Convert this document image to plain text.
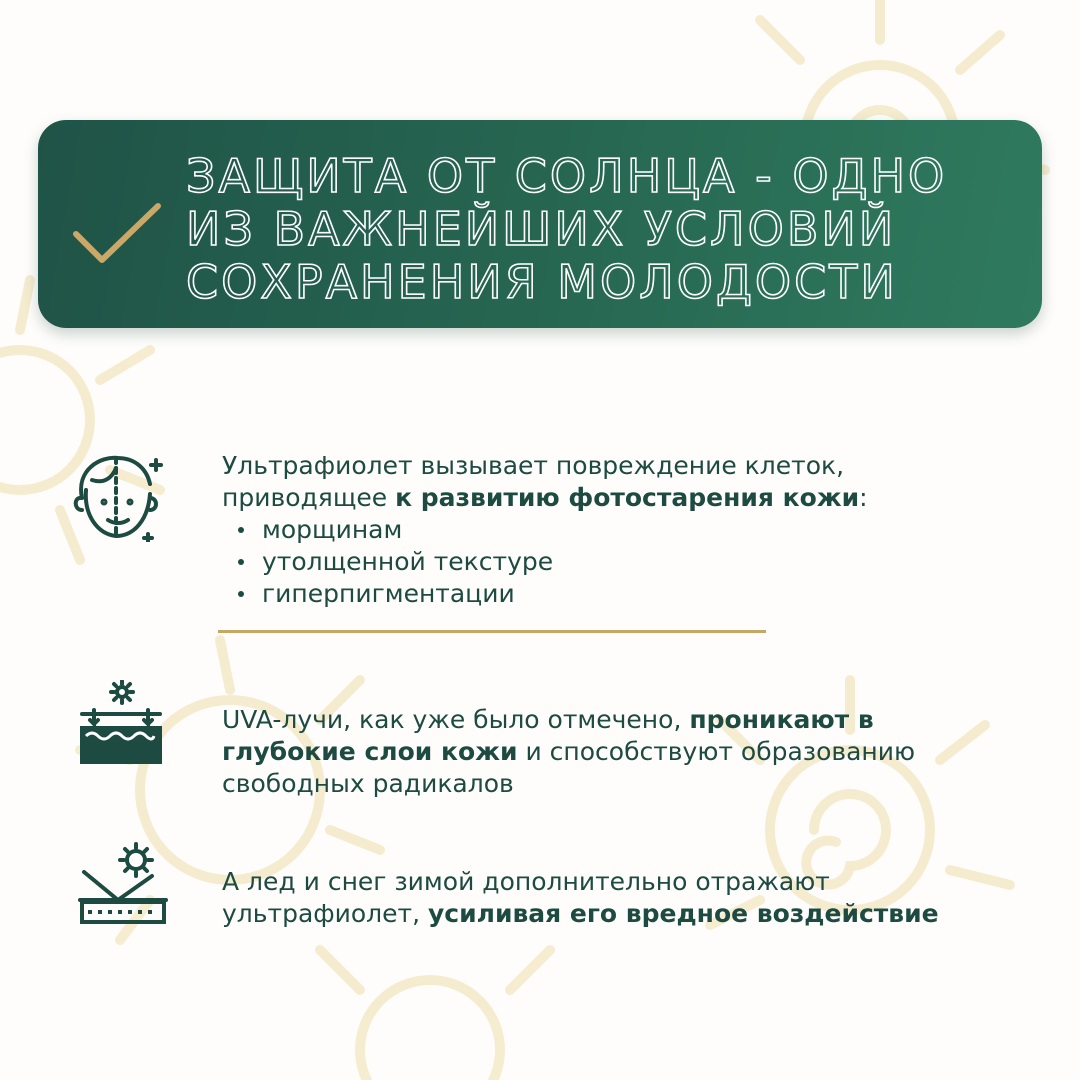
ЗАЩИТА ОТ СОЛНЦА - ОДНО
ИЗ ВАЖНЕЙШИХ УСЛОВИЙ
СОХРАНЕНИЯ МОЛОДОСТИ

Ультрафиолет вызывает повреждение клеток, приводящее к развитию фотостарения кожи:

морщинам
утолщенной текстуре
гиперпигментации

UVA-лучи, как уже было отмечено, проникают в глубокие слои кожи и способствуют образованию свободных радикалов

А лед и снег зимой дополнительно отражают ультрафиолет, усиливая его вредное воздействие
